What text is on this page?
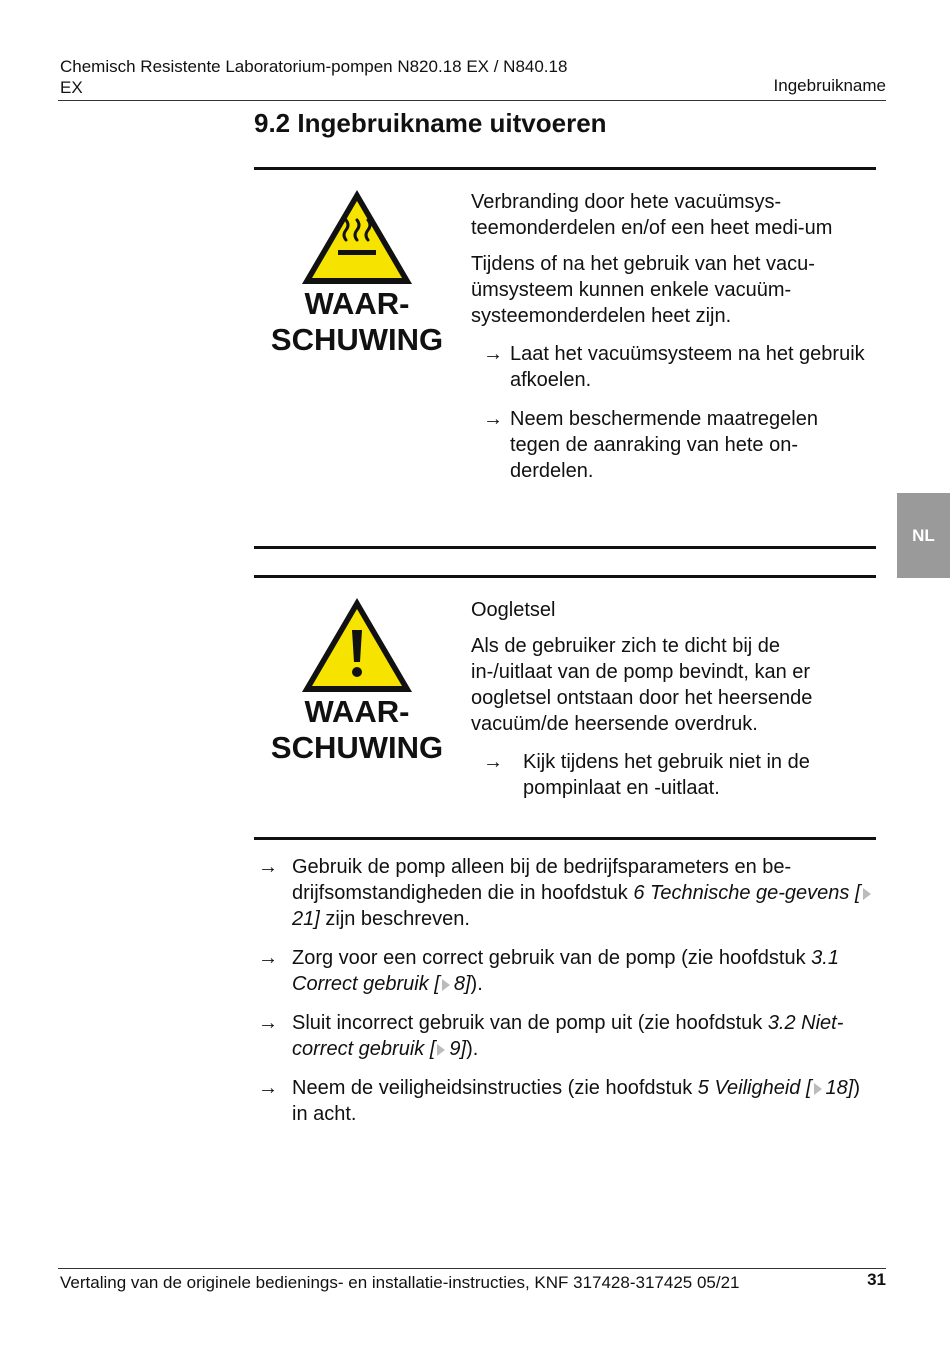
Chemisch Resistente Laboratorium-pompen N820.18 EX / N840.18 EX	Ingebruikname
9.2 Ingebruikname uitvoeren
NL
WAAR-
SCHUWING

Verbranding door hete vacuümsys-teemonderdelen en/of een heet medi-um

Tijdens of na het gebruik van het vacu-ümsysteem kunnen enkele vacuüm-systeemonderdelen heet zijn.

→ Laat het vacuümsysteem na het gebruik afkoelen.
→ Neem beschermende maatregelen tegen de aanraking van hete on-derdelen.
WAAR-
SCHUWING

Oogletsel

Als de gebruiker zich te dicht bij de in-/uitlaat van de pomp bevindt, kan er oogletsel ontstaan door het heersende vacuüm/de heersende overdruk.

→ Kijk tijdens het gebruik niet in de pompinlaat en -uitlaat.
→ Gebruik de pomp alleen bij de bedrijfsparameters en be-drijfsomstandigheden die in hoofdstuk 6 Technische ge-gevens [21] zijn beschreven.
→ Zorg voor een correct gebruik van de pomp (zie hoofdstuk 3.1 Correct gebruik [ 8]).
→ Sluit incorrect gebruik van de pomp uit (zie hoofdstuk 3.2 Niet-correct gebruik [ 9]).
→ Neem de veiligheidsinstructies (zie hoofdstuk 5 Veiligheid [ 18]) in acht.
Vertaling van de originele bedienings- en installatie-instructies, KNF 317428-317425 05/21	31
